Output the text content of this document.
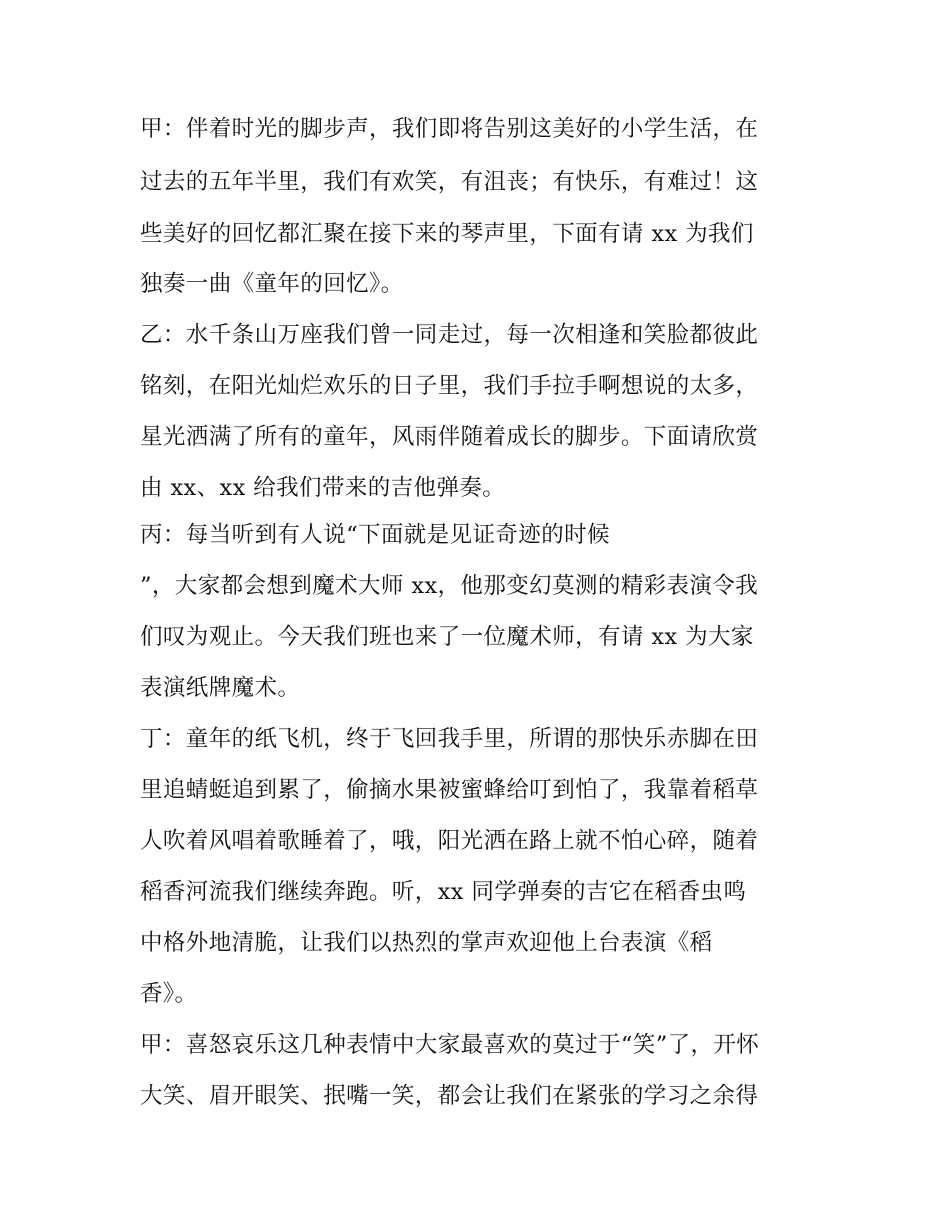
甲：伴着时光的脚步声，我们即将告别这美好的小学生活，在
过去的五年半里，我们有欢笑，有沮丧；有快乐，有难过！这
些美好的回忆都汇聚在接下来的琴声里，下面有请 xx 为我们
独奏一曲《童年的回忆》。
乙：水千条山万座我们曾一同走过，每一次相逢和笑脸都彼此
铭刻，在阳光灿烂欢乐的日子里，我们手拉手啊想说的太多，
星光洒满了所有的童年，风雨伴随着成长的脚步。下面请欣赏
由 xx、xx 给我们带来的吉他弹奏。
丙：每当听到有人说“下面就是见证奇迹的时候
”，大家都会想到魔术大师 xx，他那变幻莫测的精彩表演令我
们叹为观止。今天我们班也来了一位魔术师，有请 xx 为大家
表演纸牌魔术。
丁：童年的纸飞机，终于飞回我手里，所谓的那快乐赤脚在田
里追蜻蜓追到累了，偷摘水果被蜜蜂给叮到怕了，我靠着稻草
人吹着风唱着歌睡着了，哦，阳光洒在路上就不怕心碎，随着
稻香河流我们继续奔跑。听，xx 同学弹奏的吉它在稻香虫鸣
中格外地清脆，让我们以热烈的掌声欢迎他上台表演《稻
香》。
甲：喜怒哀乐这几种表情中大家最喜欢的莫过于“笑”了，开怀
大笑、眉开眼笑、抿嘴一笑，都会让我们在紧张的学习之余得
